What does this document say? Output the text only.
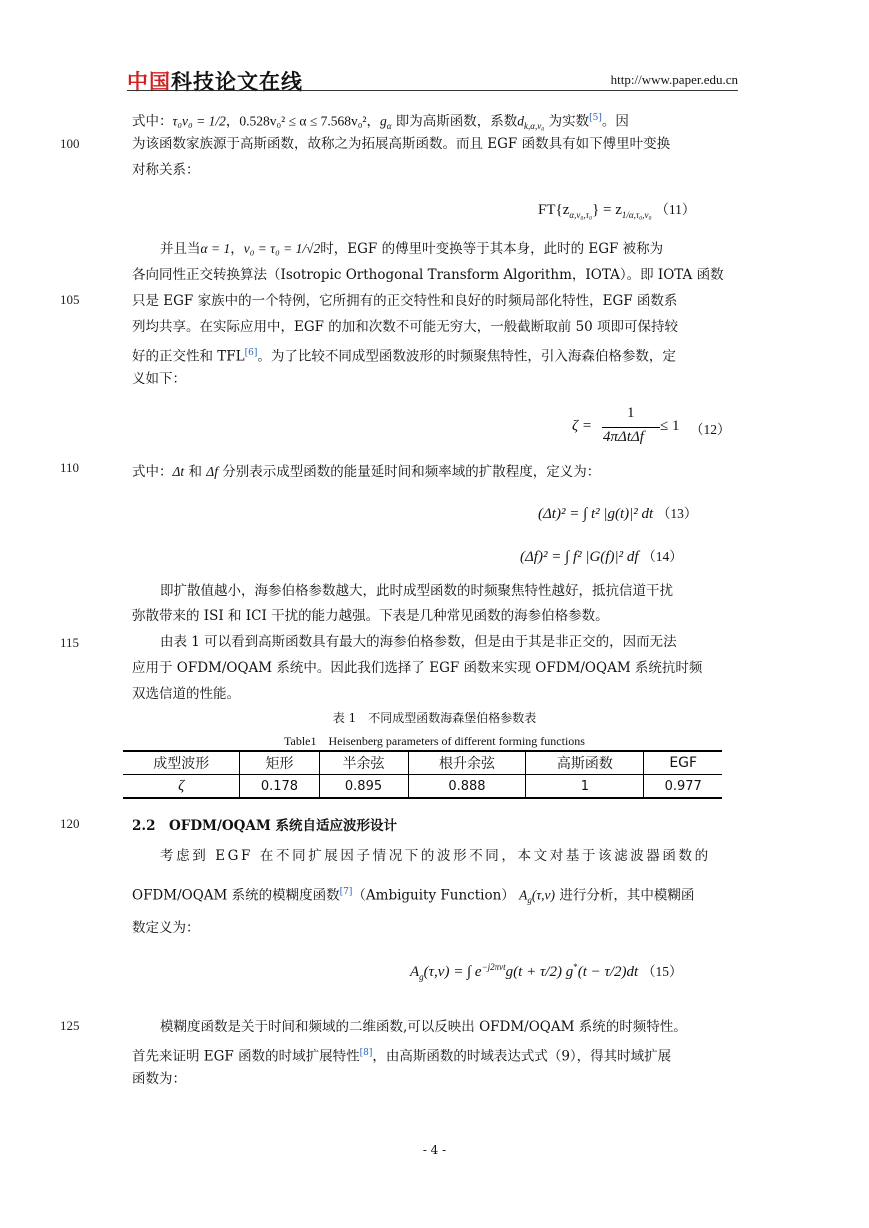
中国科技论文在线	http://www.paper.edu.cn
100
105
110
115
120
125
式中：τ₀v₀ = 1/2，0.528v₀² ≤ α ≤ 7.568v₀²，$g_\alpha$ 即为高斯函数，系数$d_{k,\alpha,v_0}$ 为实数[5]。因
为该函数家族源于高斯函数，故称之为拓展高斯函数。而且 EGF 函数具有如下傅里叶变换
对称关系：
$FT\{z_{\alpha,v_0,\tau_0}\} = z_{1/\alpha,\tau_0,v_0}$ （11）
并且当α = 1，v₀ = τ₀ = 1/√2时，EGF 的傅里叶变换等于其本身，此时的 EGF 被称为
各向同性正交转换算法（Isotropic Orthogonal Transform Algorithm，IOTA）。即 IOTA 函数
只是 EGF 家族中的一个特例，它所拥有的正交特性和良好的时频局部化特性，EGF 函数系
列均共享。在实际应用中，EGF 的加和次数不可能无穷大，一般截断取前 50 项即可保持较
好的正交性和 TFL[6]。为了比较不同成型函数波形的时频聚焦特性，引入海森伯格参数，定
义如下：
ζ =
1
4πΔtΔf
≤ 1 （12）
式中：Δt 和 Δf 分别表示成型函数的能量延时间和频率域的扩散程度，定义为：
(Δt)² = ∫ t² |g(t)|² dt （13）
(Δf)² = ∫ f² |G(f)|² df （14）
即扩散值越小，海参伯格参数越大，此时成型函数的时频聚焦特性越好，抵抗信道干扰
弥散带来的 ISI 和 ICI 干扰的能力越强。下表是几种常见函数的海参伯格参数。
由表 1 可以看到高斯函数具有最大的海参伯格参数，但是由于其是非正交的，因而无法
应用于 OFDM/OQAM 系统中。因此我们选择了 EGF 函数来实现 OFDM/OQAM 系统抗时频
双选信道的性能。
表 1　不同成型函数海森堡伯格参数表
Table1　Heisenberg parameters of different forming functions
成型波形	矩形	半余弦	根升余弦	高斯函数	EGF
ζ	0.178	0.895	0.888	1	0.977
2.2　OFDM/OQAM 系统自适应波形设计
考虑到 EGF 在不同扩展因子情况下的波形不同，本文对基于该滤波器函数的
OFDM/OQAM 系统的模糊度函数[7]（Ambiguity Function） $A_g(\tau,\nu)$ 进行分析，其中模糊函
数定义为：
$A_g(\tau,\nu)$ = ∫ $e^{-j2\pi\nu t}g(t + \tau/2) g^*(t - \tau/2)dt$ （15）
模糊度函数是关于时间和频域的二维函数,可以反映出 OFDM/OQAM 系统的时频特性。
首先来证明 EGF 函数的时域扩展特性[8]，由高斯函数的时域表达式式（9），得其时域扩展
函数为：
- 4 -
